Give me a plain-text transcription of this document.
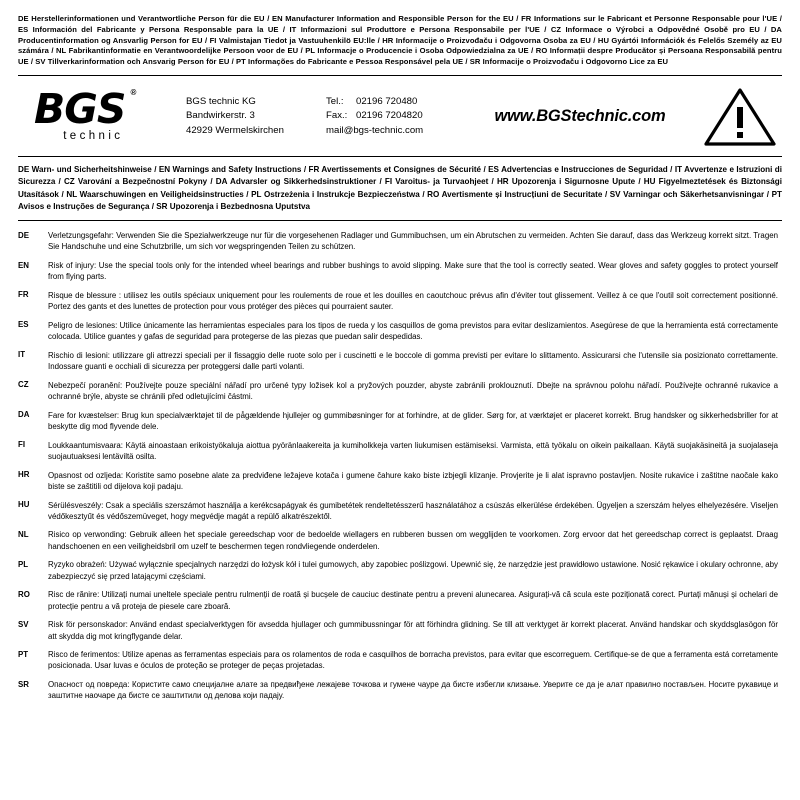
DE Herstellerinformationen und Verantwortliche Person für die EU / EN Manufacturer Information and Responsible Person for the EU / FR Informations sur le Fabricant et Personne Responsable pour l'UE / ES Información del Fabricante y Persona Responsable para la UE / IT Informazioni sul Produttore e Persona Responsabile per l'UE / CZ Informace o Výrobci a Odpovědné Osobě pro EU / DA Producentinformation og Ansvarlig Person for EU / FI Valmistajan Tiedot ja Vastuuhenkilö EU:lle / HR Informacije o Proizvođaču i Odgovorna Osoba za EU / HU Gyártói Információk és Felelős Személy az EU számára / NL Fabrikantinformatie en Verantwoordelijke Persoon voor de EU / PL Informacje o Producencie i Osoba Odpowiedzialna za UE / RO Informații despre Producător și Persoana Responsabilă pentru UE / SV Tillverkarinformation och Ansvarig Person för EU / PT Informações do Fabricante e Pessoa Responsável pela UE / SR Informacije o Proizvođaču i Odgovorno Lice za EU
BGS ®
technic
BGS technic KG
Bandwirkerstr. 3
42929 Wermelskirchen
Tel.:	02196 720480
Fax.: 02196 7204820
mail@bgs-technic.com
www.BGStechnic.com
DE Warn- und Sicherheitshinweise / EN Warnings and Safety Instructions / FR Avertissements et Consignes de Sécurité / ES Advertencias e Instrucciones de Seguridad / IT Avvertenze e Istruzioni di Sicurezza / CZ Varování a Bezpečnostní Pokyny / DA Advarsler og Sikkerhedsinstruktioner / FI Varoitus- ja Turvaohjeet / HR Upozorenja i Sigurnosne Upute / HU Figyelmeztetések és Biztonsági Utasítások / NL Waarschuwingen en Veiligheidsinstructies / PL Ostrzeżenia i Instrukcje Bezpieczeństwa / RO Avertismente și Instrucțiuni de Securitate / SV Varningar och Säkerhetsanvisningar / PT Avisos e Instruções de Segurança / SR Upozorenja i Bezbednosna Uputstva
DE	Verletzungsgefahr: Verwenden Sie die Spezialwerkzeuge nur für die vorgesehenen Radlager und Gummibuchsen, um ein Abrutschen zu vermeiden. Achten Sie darauf, dass das Werkzeug korrekt sitzt. Tragen Sie Handschuhe und eine Schutzbrille, um sich vor wegspringenden Teilen zu schützen.
EN	Risk of injury: Use the special tools only for the intended wheel bearings and rubber bushings to avoid slipping. Make sure that the tool is correctly seated. Wear gloves and safety goggles to protect yourself from flying parts.
FR	Risque de blessure : utilisez les outils spéciaux uniquement pour les roulements de roue et les douilles en caoutchouc prévus afin d'éviter tout glissement. Veillez à ce que l'outil soit correctement positionné. Portez des gants et des lunettes de protection pour vous protéger des pièces qui pourraient sauter.
ES	Peligro de lesiones: Utilice únicamente las herramientas especiales para los tipos de rueda y los casquillos de goma previstos para evitar deslizamientos. Asegúrese de que la herramienta está correctamente colocada. Utilice guantes y gafas de seguridad para protegerse de las piezas que puedan salir despedidas.
IT	Rischio di lesioni: utilizzare gli attrezzi speciali per il fissaggio delle ruote solo per i cuscinetti e le boccole di gomma previsti per evitare lo slittamento. Assicurarsi che l'utensile sia posizionato correttamente. Indossare guanti e occhiali di sicurezza per proteggersi dalle parti volanti.
CZ	Nebezpečí poranění: Používejte pouze speciální nářadí pro určené typy ložisek kol a pryžových pouzder, abyste zabránili proklouznutí. Dbejte na správnou polohu nářadí. Používejte ochranné rukavice a ochranné brýle, abyste se chránili před odletujícími částmi.
DA	Fare for kvæstelser: Brug kun specialværktøjet til de pågældende hjullejer og gummibøsninger for at forhindre, at de glider. Sørg for, at værktøjet er placeret korrekt. Brug handsker og sikkerhedsbriller for at beskytte dig mod flyvende dele.
FI	Loukkaantumisvaara: Käytä ainoastaan erikoistyökaluja aiottua pyöränlaakereita ja kumiholkkeja varten liukumisen estämiseksi. Varmista, että työkalu on oikein paikallaan. Käytä suojakäsineitä ja suojalaseja suojautuaksesi lentäviltä osilta.
HR	Opasnost od ozljeda: Koristite samo posebne alate za predviđene ležajeve kotača i gumene čahure kako biste izbjegli klizanje. Provjerite je li alat ispravno postavljen. Nosite rukavice i zaštitne naočale kako biste se zaštitili od dijelova koji padaju.
HU	Sérülésveszély: Csak a speciális szerszámot használja a kerékcsapágyak és gumibetétek rendeltetésszerű használatához a csúszás elkerülése érdekében. Ügyeljen a szerszám helyes elhelyezésére. Viseljen védőkesztyűt és védőszemüveget, hogy megvédje magát a repülő alkatrészektől.
NL	Risico op verwonding: Gebruik alleen het speciale gereedschap voor de bedoelde wiellagers en rubberen bussen om wegglijden te voorkomen. Zorg ervoor dat het gereedschap correct is geplaatst. Draag handschoenen en een veiligheidsbril om uzelf te beschermen tegen rondvliegende onderdelen.
PL	Ryzyko obrażeń: Używać wyłącznie specjalnych narzędzi do łożysk kół i tulei gumowych, aby zapobiec poślizgowi. Upewnić się, że narzędzie jest prawidłowo ustawione. Nosić rękawice i okulary ochronne, aby zabezpieczyć się przed latającymi częściami.
RO	Risc de rănire: Utilizați numai uneltele speciale pentru rulmenții de roată și bucșele de cauciuc destinate pentru a preveni alunecarea. Asigurați-vă că scula este poziționată corect. Purtați mănuși și ochelari de protecție pentru a vă proteja de piesele care zboară.
SV	Risk för personskador: Använd endast specialverktygen för avsedda hjullager och gummibussningar för att förhindra glidning. Se till att verktyget är korrekt placerat. Använd handskar och skyddsglasögon för att skydda dig mot kringflygande delar.
PT	Risco de ferimentos: Utilize apenas as ferramentas especiais para os rolamentos de roda e casquilhos de borracha previstos, para evitar que escorreguem. Certifique-se de que a ferramenta está corretamente posicionada. Usar luvas e óculos de proteção se proteger de peças projetadas.
SR	Опасност од повреда: Користите само специјалне алате за предвиђене лежајеве точкова и гумене чауре да бисте избегли клизање. Уверите се да је алат правилно постављен. Носите рукавице и заштитне наочаре да бисте се заштитили од делова који падају.
